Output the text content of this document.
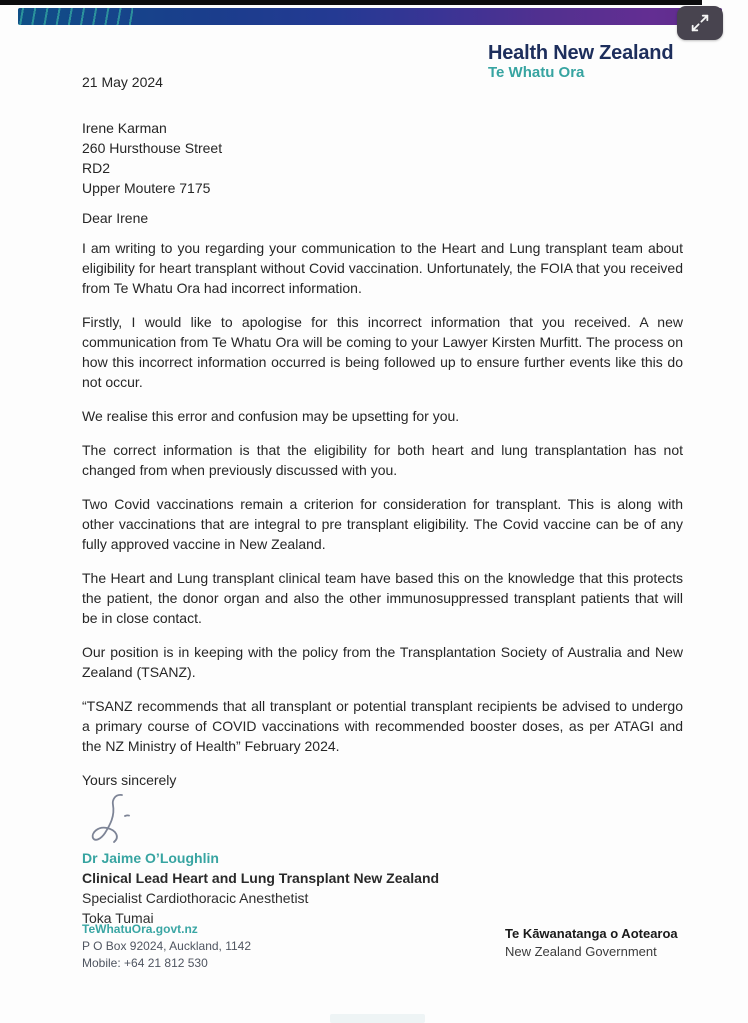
Health New Zealand
Te Whatu Ora
21 May 2024
Irene Karman
260 Hursthouse Street
RD2
Upper Moutere 7175
Dear Irene

I am writing to you regarding your communication to the Heart and Lung transplant team about eligibility for heart transplant without Covid vaccination. Unfortunately, the FOIA that you received from Te Whatu Ora had incorrect information.

Firstly, I would like to apologise for this incorrect information that you received. A new communication from Te Whatu Ora will be coming to your Lawyer Kirsten Murfitt. The process on how this incorrect information occurred is being followed up to ensure further events like this do not occur.

We realise this error and confusion may be upsetting for you.

The correct information is that the eligibility for both heart and lung transplantation has not changed from when previously discussed with you.

Two Covid vaccinations remain a criterion for consideration for transplant. This is along with other vaccinations that are integral to pre transplant eligibility. The Covid vaccine can be of any fully approved vaccine in New Zealand.

The Heart and Lung transplant clinical team have based this on the knowledge that this protects the patient, the donor organ and also the other immunosuppressed transplant patients that will be in close contact.

Our position is in keeping with the policy from the Transplantation Society of Australia and New Zealand (TSANZ).

“TSANZ recommends that all transplant or potential transplant recipients be advised to undergo a primary course of COVID vaccinations with recommended booster doses, as per ATAGI and the NZ Ministry of Health” February 2024.

Yours sincerely
Dr Jaime O’Loughlin
Clinical Lead Heart and Lung Transplant New Zealand
Specialist Cardiothoracic Anesthetist
Toka Tumai
TeWhatuOra.govt.nz
P O Box 92024, Auckland, 1142
Mobile: +64 21 812 530
Te Kāwanatanga o Aotearoa
New Zealand Government
